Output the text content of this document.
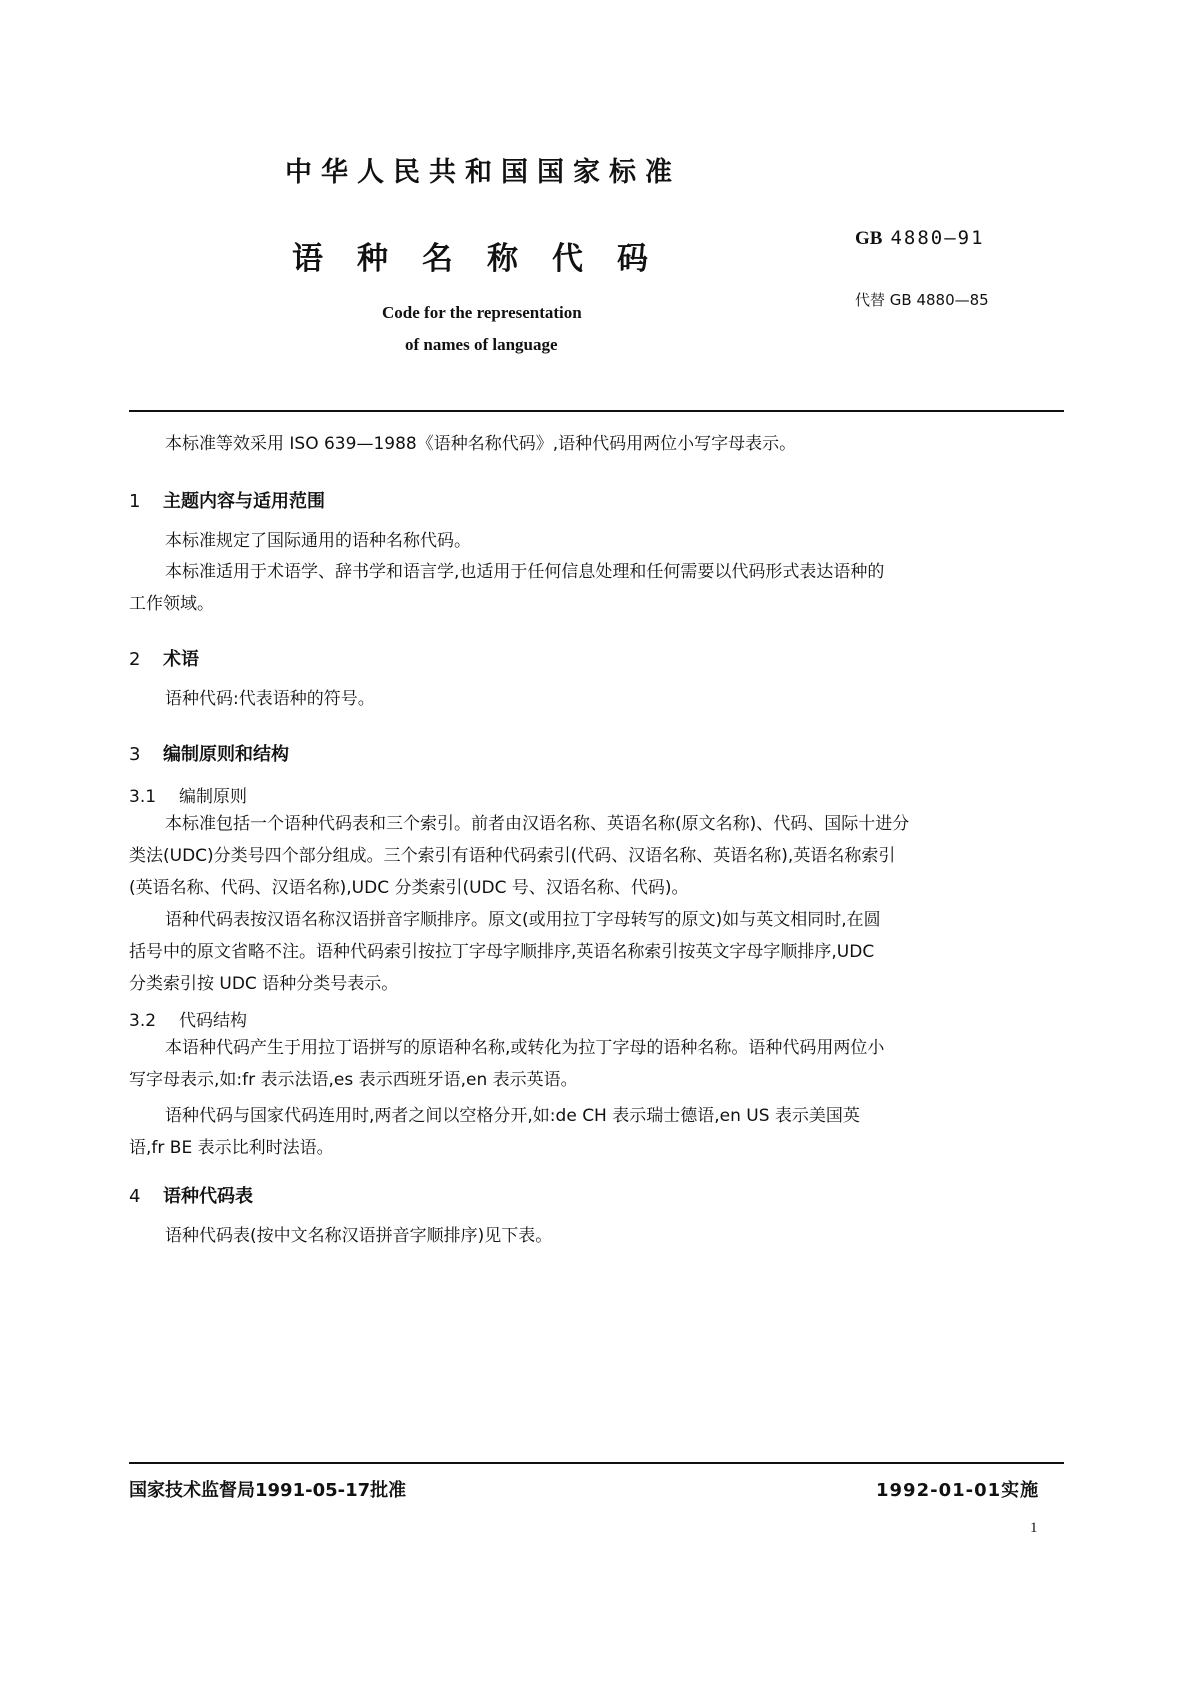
中华人民共和国国家标准
语种名称代码
Code for the representation
of names of language
GB 4880—91
代替 GB 4880—85
本标准等效采用 ISO 639—1988《语种名称代码》,语种代码用两位小写字母表示。
1 主题内容与适用范围
本标准规定了国际通用的语种名称代码。
本标准适用于术语学、辞书学和语言学,也适用于任何信息处理和任何需要以代码形式表达语种的
工作领域。
2 术语
语种代码:代表语种的符号。
3 编制原则和结构
3.1 编制原则
本标准包括一个语种代码表和三个索引。前者由汉语名称、英语名称(原文名称)、代码、国际十进分
类法(UDC)分类号四个部分组成。三个索引有语种代码索引(代码、汉语名称、英语名称),英语名称索引
(英语名称、代码、汉语名称),UDC 分类索引(UDC 号、汉语名称、代码)。
语种代码表按汉语名称汉语拼音字顺排序。原文(或用拉丁字母转写的原文)如与英文相同时,在圆
括号中的原文省略不注。语种代码索引按拉丁字母字顺排序,英语名称索引按英文字母字顺排序,UDC
分类索引按 UDC 语种分类号表示。
3.2 代码结构
本语种代码产生于用拉丁语拼写的原语种名称,或转化为拉丁字母的语种名称。语种代码用两位小
写字母表示,如:fr 表示法语,es 表示西班牙语,en 表示英语。
语种代码与国家代码连用时,两者之间以空格分开,如:de CH 表示瑞士德语,en US 表示美国英
语,fr BE 表示比利时法语。
4 语种代码表
语种代码表(按中文名称汉语拼音字顺排序)见下表。
国家技术监督局1991-05-17批准	1992-01-01实施
1
